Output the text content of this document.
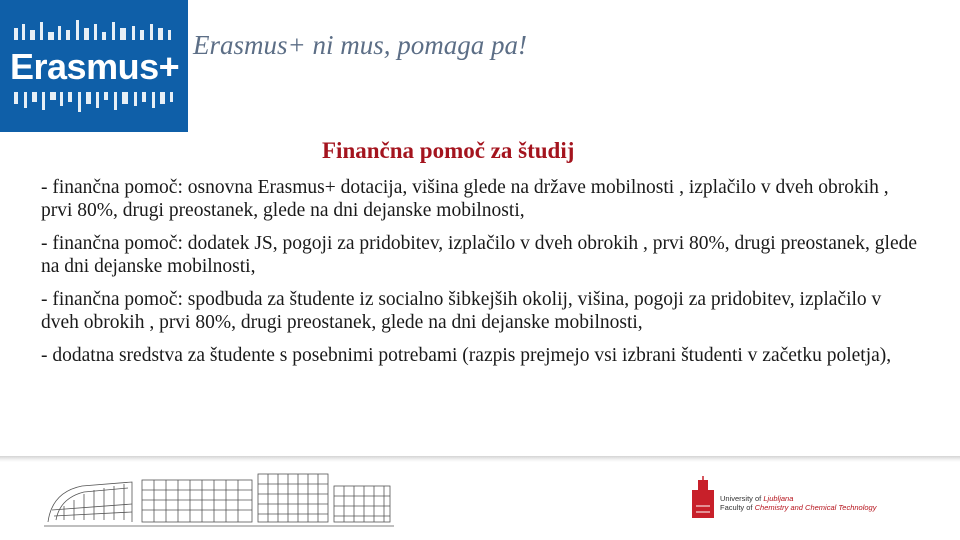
Erasmus+
Erasmus+ ni mus, pomaga pa!
Finančna pomoč za študij

- finančna pomoč: osnovna Erasmus+ dotacija, višina glede na države mobilnosti , izplačilo v dveh obrokih , prvi 80%, drugi preostanek, glede na dni dejanske mobilnosti,

- finančna pomoč: dodatek JS, pogoji za pridobitev, izplačilo v dveh obrokih , prvi 80%, drugi preostanek, glede na dni dejanske mobilnosti,

- finančna pomoč: spodbuda za študente iz socialno šibkejših okolij, višina, pogoji za pridobitev, izplačilo v dveh obrokih , prvi 80%, drugi preostanek, glede na dni dejanske mobilnosti,

- dodatna sredstva za študente s posebnimi potrebami (razpis prejmejo vsi izbrani študenti v začetku poletja),

University of Ljubljana
Faculty of Chemistry and Chemical Technology
